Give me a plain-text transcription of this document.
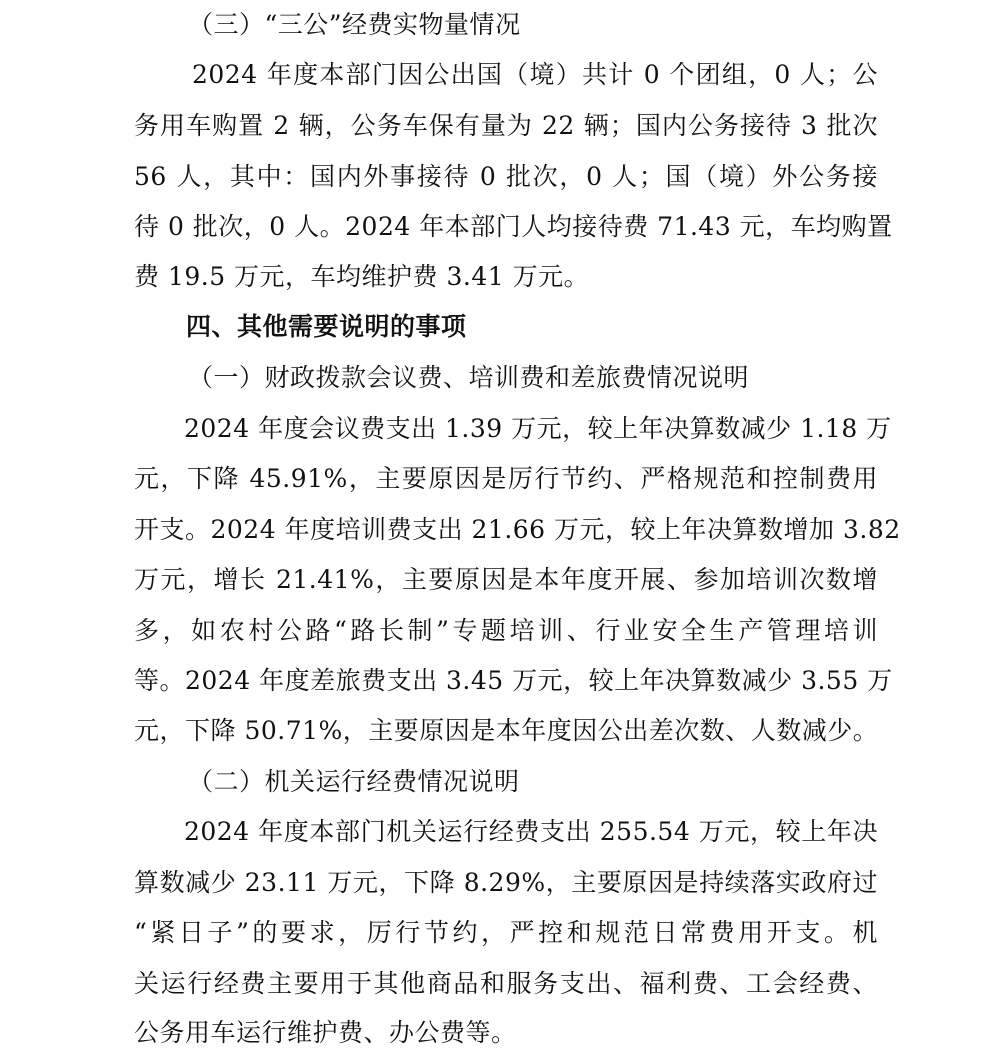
（三）“三公”经费实物量情况
2024 年度本部门因公出国（境）共计 0 个团组，0 人；公
务用车购置 2 辆，公务车保有量为 22 辆；国内公务接待 3 批次
56 人，其中：国内外事接待 0 批次，0 人；国（境）外公务接
待 0 批次，0 人。2024 年本部门人均接待费 71.43 元，车均购置
费 19.5 万元，车均维护费 3.41 万元。
四、其他需要说明的事项
（一）财政拨款会议费、培训费和差旅费情况说明
2024 年度会议费支出 1.39 万元，较上年决算数减少 1.18 万
元，下降 45.91%，主要原因是厉行节约、严格规范和控制费用
开支。2024 年度培训费支出 21.66 万元，较上年决算数增加 3.82
万元，增长 21.41%，主要原因是本年度开展、参加培训次数增
多，如农村公路“路长制”专题培训、行业安全生产管理培训
等。2024 年度差旅费支出 3.45 万元，较上年决算数减少 3.55 万
元，下降 50.71%，主要原因是本年度因公出差次数、人数减少。
（二）机关运行经费情况说明
2024 年度本部门机关运行经费支出 255.54 万元，较上年决
算数减少 23.11 万元，下降 8.29%，主要原因是持续落实政府过
“紧日子”的要求，厉行节约，严控和规范日常费用开支。机
关运行经费主要用于其他商品和服务支出、福利费、工会经费、
公务用车运行维护费、办公费等。
